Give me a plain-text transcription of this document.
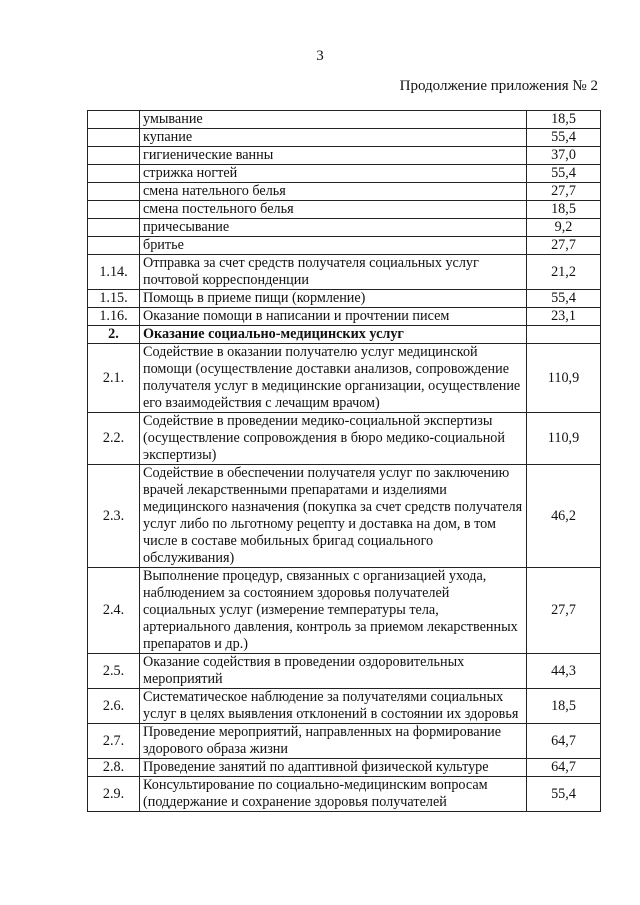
3
Продолжение приложения № 2
	умывание	18,5
	купание	55,4
	гигиенические ванны	37,0
	стрижка ногтей	55,4
	смена нательного белья	27,7
	смена постельного белья	18,5
	причесывание	9,2
	бритье	27,7
1.14.	Отправка за счет средств получателя социальных услуг почтовой корреспонденции	21,2
1.15.	Помощь в приеме пищи (кормление)	55,4
1.16.	Оказание помощи в написании и прочтении писем	23,1
2.	Оказание социально-медицинских услуг	
2.1.	Содействие в оказании получателю услуг медицинской помощи (осуществление доставки анализов, сопровождение получателя услуг в медицинские организации, осуществление его взаимодействия с лечащим врачом)	110,9
2.2.	Содействие в проведении медико-социальной экспертизы (осуществление сопровождения в бюро медико-социальной экспертизы)	110,9
2.3.	Содействие в обеспечении получателя услуг по заключению врачей лекарственными препаратами и изделиями медицинского назначения (покупка за счет средств получателя услуг либо по льготному рецепту и доставка на дом, в том числе в составе мобильных бригад социального обслуживания)	46,2
2.4.	Выполнение процедур, связанных с организацией ухода, наблюдением за состоянием здоровья получателей социальных услуг (измерение температуры тела, артериального давления, контроль за приемом лекарственных препаратов и др.)	27,7
2.5.	Оказание содействия в проведении оздоровительных мероприятий	44,3
2.6.	Систематическое наблюдение за получателями социальных услуг в целях выявления отклонений в состоянии их здоровья	18,5
2.7.	Проведение мероприятий, направленных на формирование здорового образа жизни	64,7
2.8.	Проведение занятий по адаптивной физической культуре	64,7
2.9.	Консультирование по социально-медицинским вопросам (поддержание и сохранение здоровья получателей	55,4
